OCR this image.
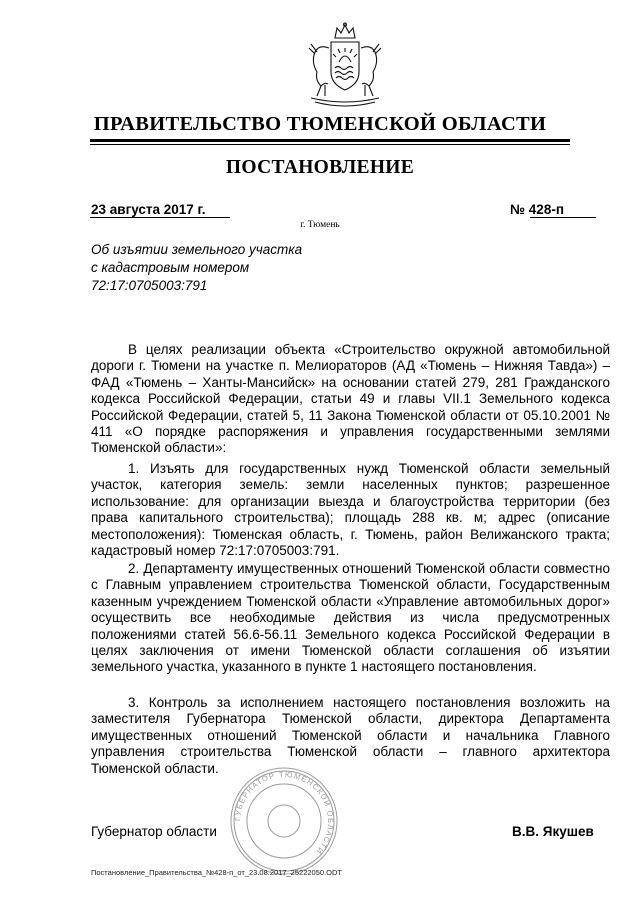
ПРАВИТЕЛЬСТВО ТЮМЕНСКОЙ ОБЛАСТИ
ПОСТАНОВЛЕНИЕ
23 августа 2017 г.
г. Тюмень
№ 428-п
Об изъятии земельного участка
с кадастровым номером
72:17:0705003:791
В целях реализации объекта «Строительство окружной автомобильной дороги г. Тюмени на участке п. Мелиораторов (АД «Тюмень – Нижняя Тавда») – ФАД «Тюмень – Ханты-Мансийск» на основании статей 279, 281 Гражданского кодекса Российской Федерации, статьи 49 и главы VII.1 Земельного кодекса Российской Федерации, статей 5, 11 Закона Тюменской области от 05.10.2001 № 411 «О порядке распоряжения и управления государственными землями Тюменской области»:
1. Изъять для государственных нужд Тюменской области земельный участок, категория земель: земли населенных пунктов; разрешенное использование: для организации выезда и благоустройства территории (без права капитального строительства); площадь 288 кв. м; адрес (описание местоположения): Тюменская область, г. Тюмень, район Велижанского тракта; кадастровый номер 72:17:0705003:791.
2. Департаменту имущественных отношений Тюменской области совместно с Главным управлением строительства Тюменской области, Государственным казенным учреждением Тюменской области «Управление автомобильных дорог» осуществить все необходимые действия из числа предусмотренных положениями статей 56.6-56.11 Земельного кодекса Российской Федерации в целях заключения от имени Тюменской области соглашения об изъятии земельного участка, указанного в пункте 1 настоящего постановления.
3. Контроль за исполнением настоящего постановления возложить на заместителя Губернатора Тюменской области, директора Департамента имущественных отношений Тюменской области и начальника Главного управления строительства Тюменской области – главного архитектора Тюменской области.
ГУБЕРНАТОР ТЮМЕНСКОЙ ОБЛАСТИ
Губернатор области	В.В. Якушев
Постановление_Правительства_№428-п_от_23.08.2017_25222050.ODT
